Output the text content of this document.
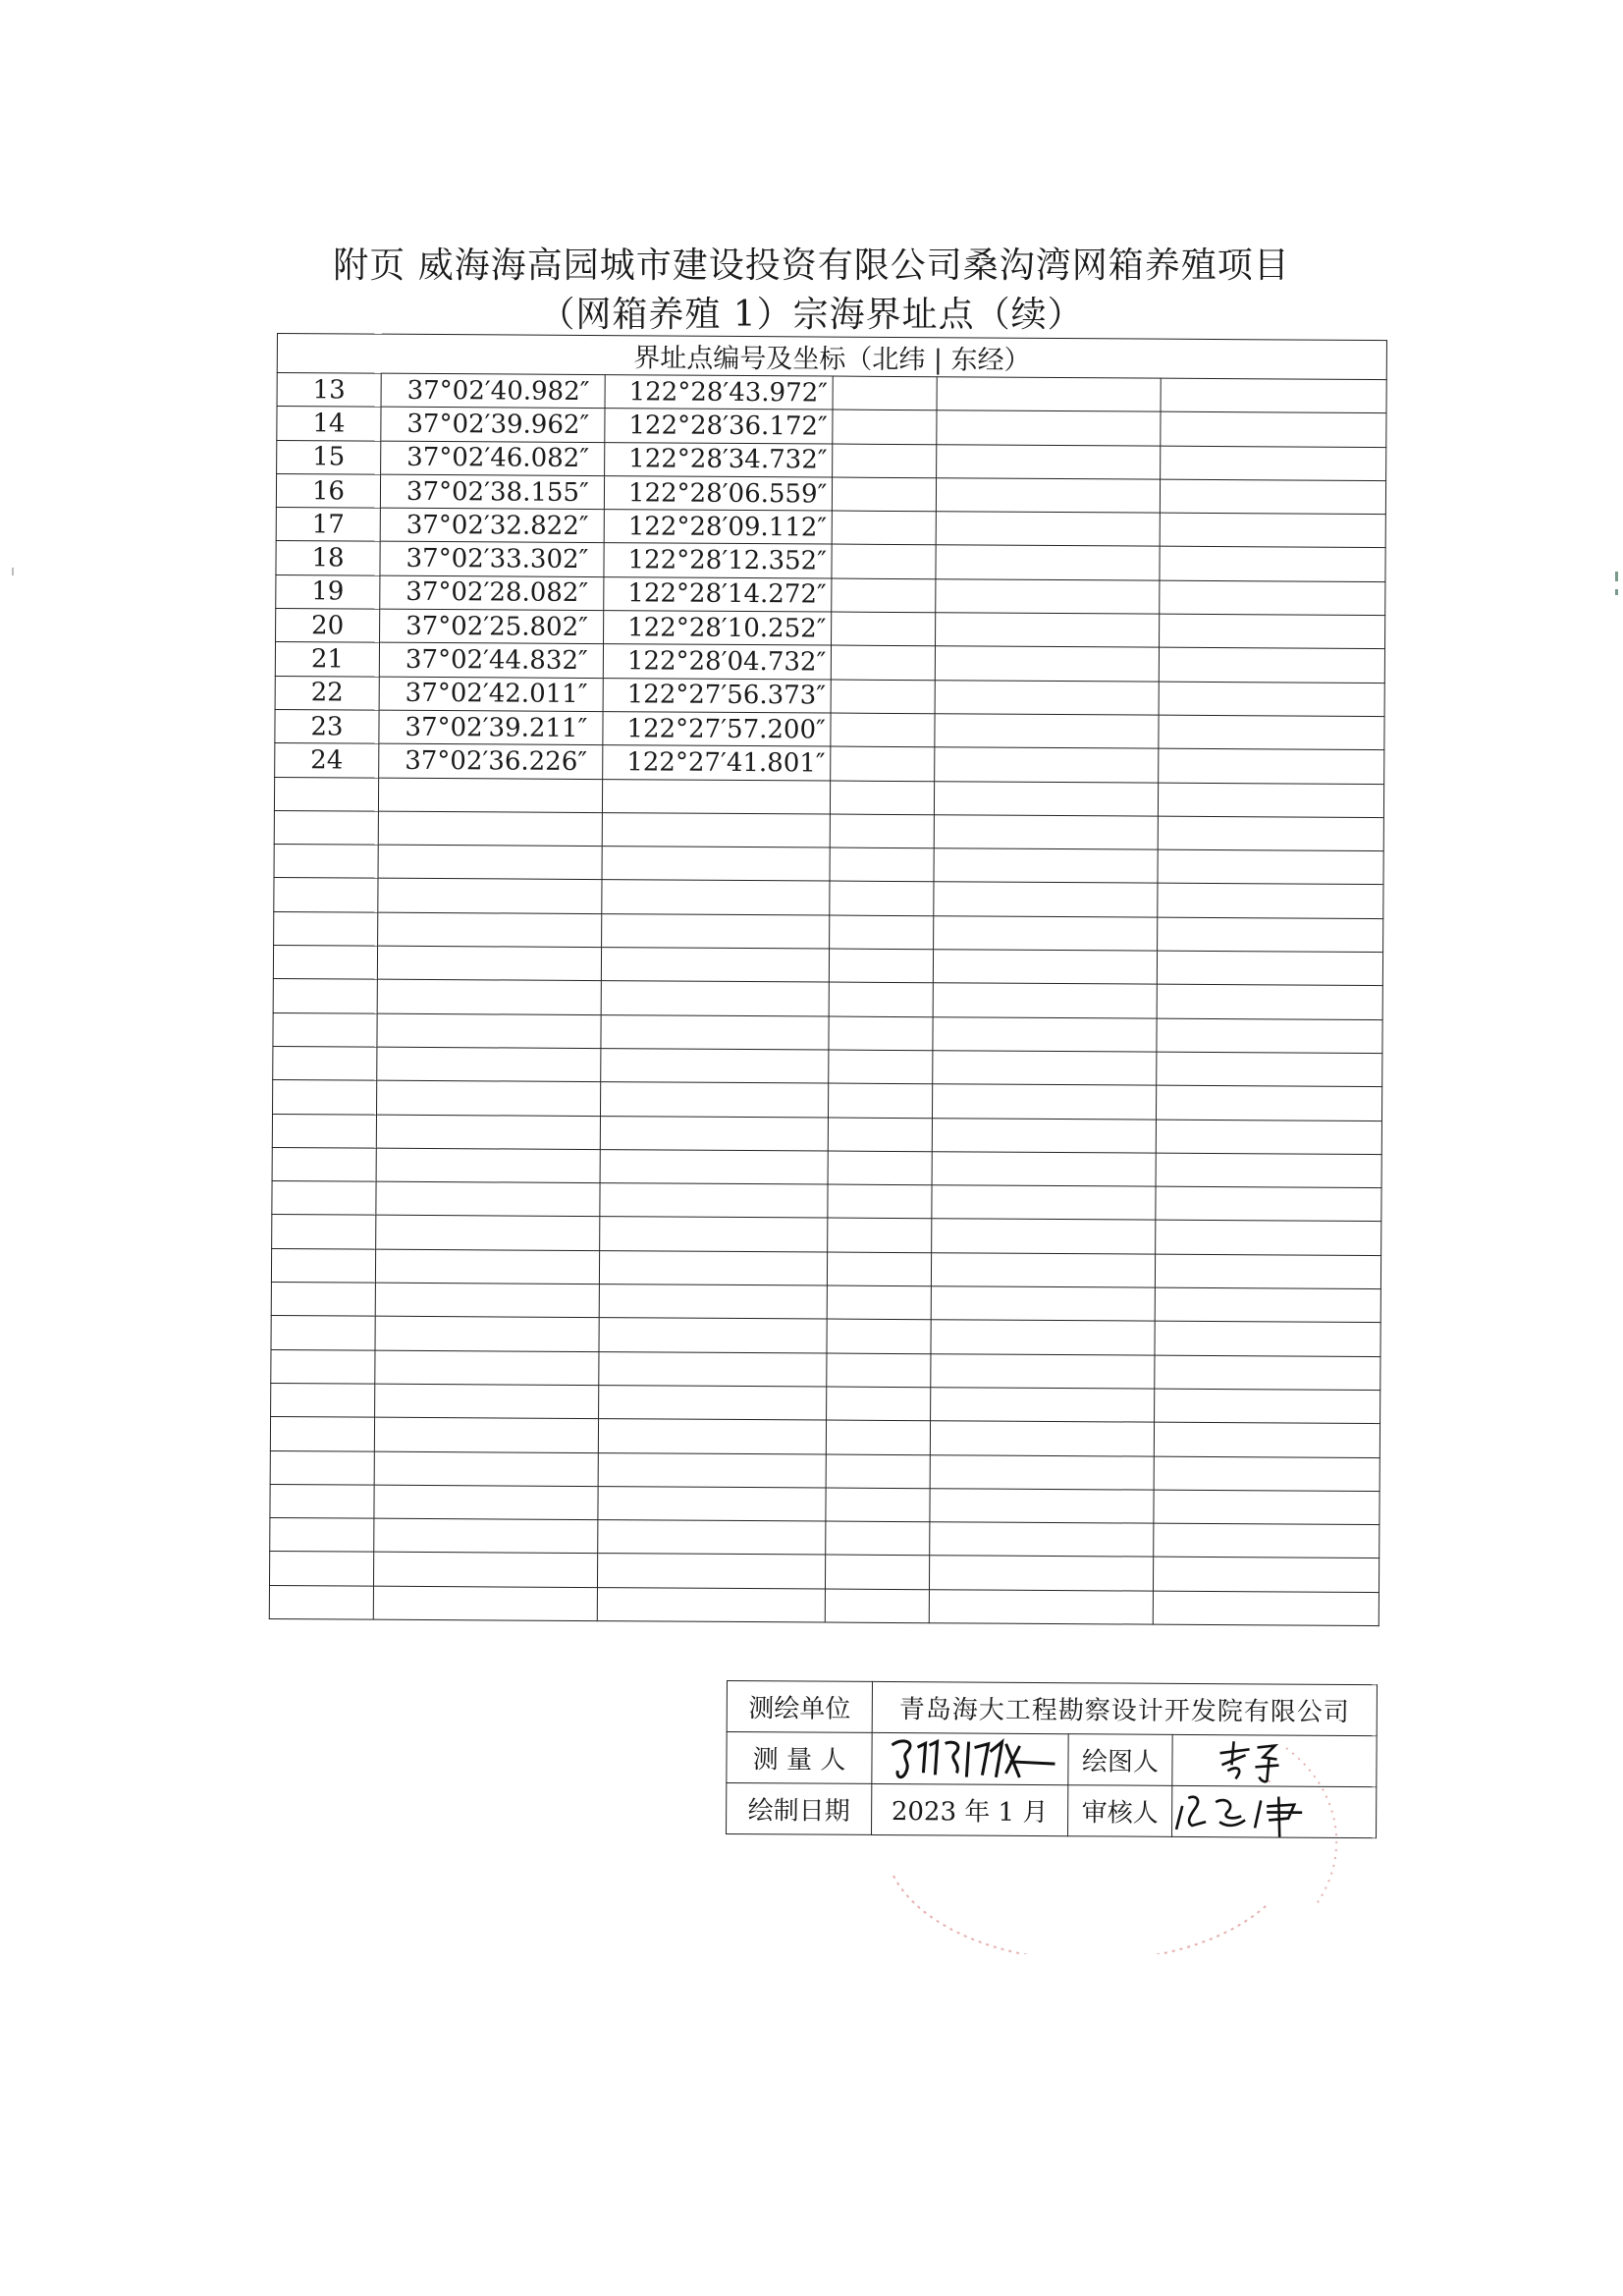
附页 威海海高园城市建设投资有限公司桑沟湾网箱养殖项目
（网箱养殖 1）宗海界址点（续）
界址点编号及坐标（北纬 | 东经）					
13	37°02′40.982″	122°28′43.972″			
14	37°02′39.962″	122°28′36.172″			
15	37°02′46.082″	122°28′34.732″			
16	37°02′38.155″	122°28′06.559″			
17	37°02′32.822″	122°28′09.112″			
18	37°02′33.302″	122°28′12.352″			
19	37°02′28.082″	122°28′14.272″			
20	37°02′25.802″	122°28′10.252″			
21	37°02′44.832″	122°28′04.732″			
22	37°02′42.011″	122°27′56.373″			
23	37°02′39.211″	122°27′57.200″			
24	37°02′36.226″	122°27′41.801″			

·
测绘单位	青岛海大工程勘察设计开发院有限公司		
测 量 人		绘图人	

绘制日期	2023 年 1 月	审核人	
